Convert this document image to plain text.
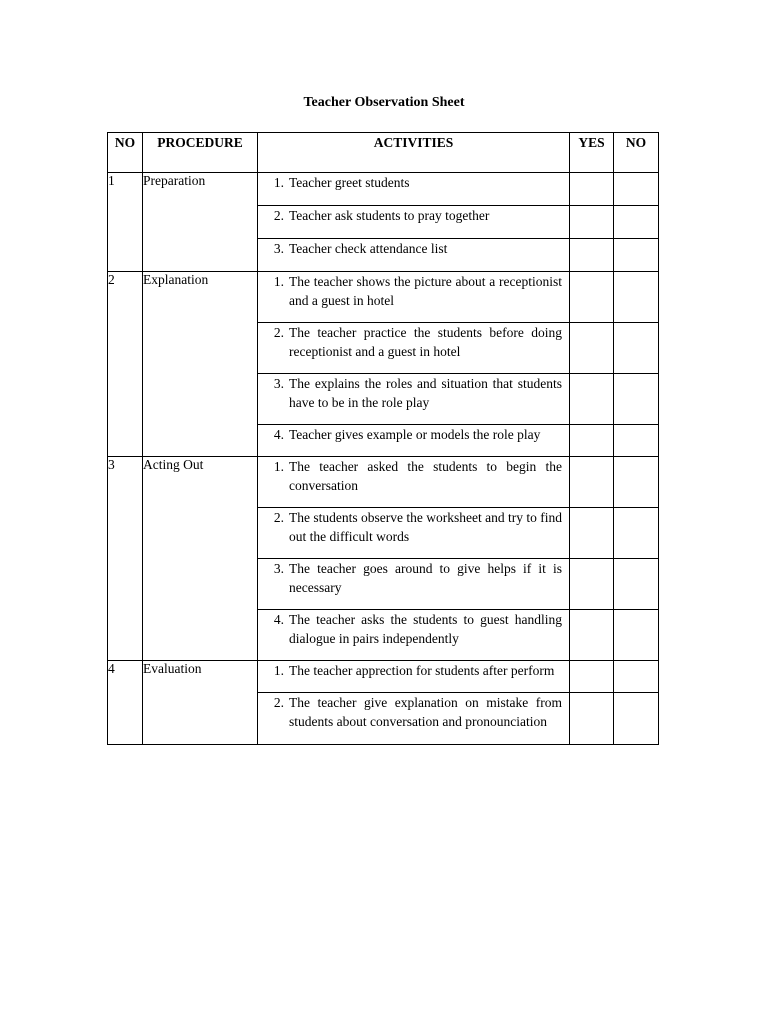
Teacher Observation Sheet
NO	PROCEDURE	ACTIVITIES	YES	NO
1	Preparation	1. Teacher greet students		

		2. Teacher ask students to pray together		

		3. Teacher check attendance list		

2	Explanation	1. The teacher shows the picture about a receptionist and a guest in hotel		

		2. The teacher practice the students before doing receptionist and a guest in hotel		

		3. The explains the roles and situation that students have to be in the role play		

		4. Teacher gives example or models the role play		

3	Acting Out	1. The teacher asked the students to begin the conversation		

		2. The students observe the worksheet and try to find out the difficult words		

		3. The teacher goes around to give helps if it is necessary		

		4. The teacher asks the students to guest handling dialogue in pairs independently		

4	Evaluation	1. The teacher apprection for students after perform		

		2. The teacher give explanation on mistake from students about conversation and pronounciation		
